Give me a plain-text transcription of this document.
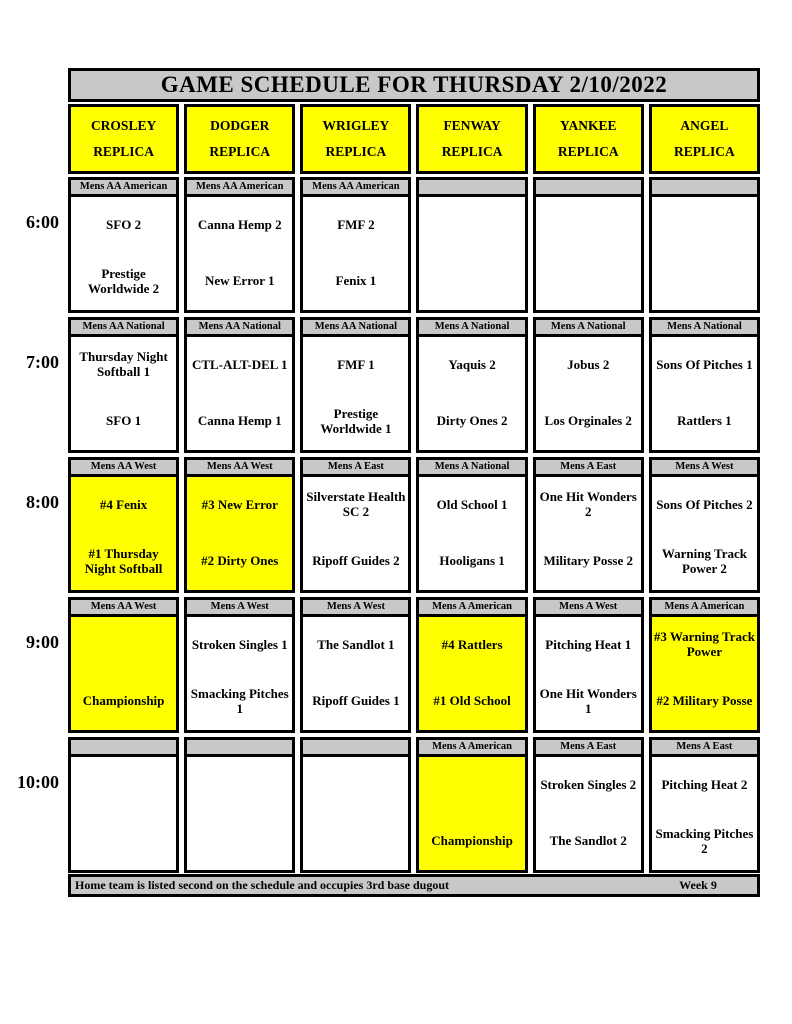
GAME SCHEDULE FOR THURSDAY 2/10/2022
CROSLEY
REPLICA
DODGER
REPLICA
WRIGLEY
REPLICA
FENWAY
REPLICA
YANKEE
REPLICA
ANGEL
REPLICA
6:00
Mens AA American
SFO 2
Prestige Worldwide 2
Mens AA American
Canna Hemp 2
New Error 1
Mens AA American
FMF 2
Fenix 1
7:00
Mens AA National
Thursday Night Softball 1
SFO 1
Mens AA National
CTL-ALT-DEL 1
Canna Hemp 1
Mens AA National
FMF 1
Prestige Worldwide 1
Mens A National
Yaquis 2
Dirty Ones 2
Mens A National
Jobus 2
Los Orginales 2
Mens A National
Sons Of Pitches 1
Rattlers 1
8:00
Mens AA West
#4 Fenix
#1 Thursday Night Softball
Mens AA West
#3 New Error
#2 Dirty Ones
Mens A East
Silverstate Health SC 2
Ripoff Guides 2
Mens A National
Old School 1
Hooligans 1
Mens A East
One Hit Wonders 2
Military Posse 2
Mens A West
Sons Of Pitches 2
Warning Track Power 2
9:00
Mens AA West
Championship
Mens A West
Stroken Singles 1
Smacking Pitches 1
Mens A West
The Sandlot 1
Ripoff Guides 1
Mens A American
#4 Rattlers
#1 Old School
Mens A West
Pitching Heat 1
One Hit Wonders 1
Mens A American
#3 Warning Track Power
#2 Military Posse
10:00
Mens A American
Championship
Mens A East
Stroken Singles 2
The Sandlot 2
Mens A East
Pitching Heat 2
Smacking Pitches 2
Home team is listed second on the schedule and occupies 3rd base dugout	Week 9
